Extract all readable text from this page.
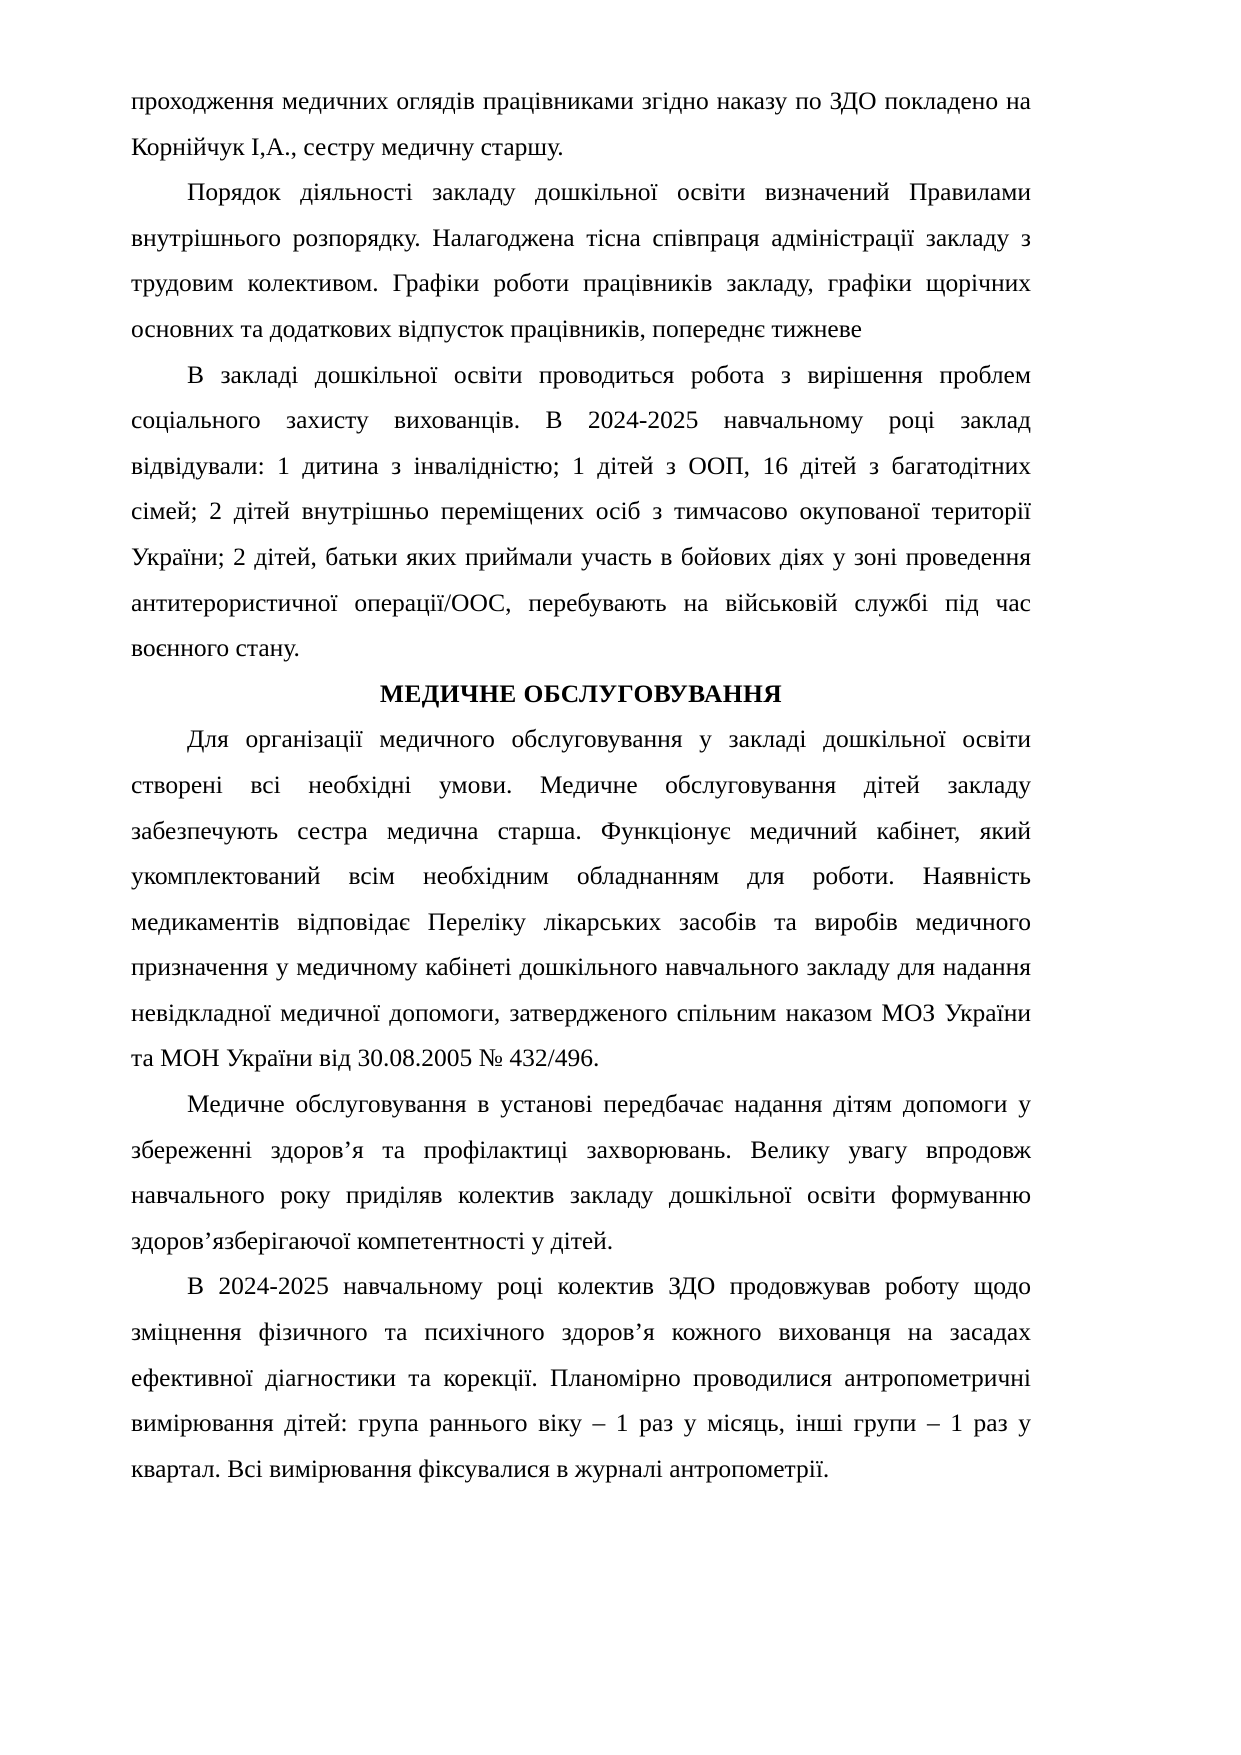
проходження медичних оглядів працівниками згідно наказу по ЗДО покладено на Корнійчук І,А., сестру медичну старшу.

Порядок діяльності закладу дошкільної освіти визначений Правилами внутрішнього розпорядку. Налагоджена тісна співпраця адміністрації закладу з трудовим колективом. Графіки роботи працівників закладу, графіки щорічних основних та додаткових відпусток працівників, попереднє тижневе

В закладі дошкільної освіти проводиться робота з вирішення проблем соціального захисту вихованців. В 2024-2025 навчальному році заклад відвідували: 1 дитина з інвалідністю; 1 дітей з ООП, 16 дітей з багатодітних сімей; 2 дітей внутрішньо переміщених осіб з тимчасово окупованої території України; 2 дітей, батьки яких приймали участь в бойових діях у зоні проведення антитерористичної операції/ООС, перебувають на військовій службі під час воєнного стану.

МЕДИЧНЕ ОБСЛУГОВУВАННЯ

Для організації медичного обслуговування у закладі дошкільної освіти створені всі необхідні умови. Медичне обслуговування дітей закладу забезпечують сестра медична старша. Функціонує медичний кабінет, який укомплектований всім необхідним обладнанням для роботи. Наявність медикаментів відповідає Переліку лікарських засобів та виробів медичного призначення у медичному кабінеті дошкільного навчального закладу для надання невідкладної медичної допомоги, затвердженого спільним наказом МОЗ України та МОН України від 30.08.2005 № 432/496.

Медичне обслуговування в установі передбачає надання дітям допомоги у збереженні здоров’я та профілактиці захворювань. Велику увагу впродовж навчального року приділяв колектив закладу дошкільної освіти формуванню здоров’язберігаючої компетентності у дітей.

В 2024-2025 навчальному році колектив ЗДО продовжував роботу щодо зміцнення фізичного та психічного здоров’я кожного вихованця на засадах ефективної діагностики та корекції. Планомірно проводилися антропометричні вимірювання дітей: група раннього віку – 1 раз у місяць, інші групи – 1 раз у квартал. Всі вимірювання фіксувалися в журналі антропометрії.
